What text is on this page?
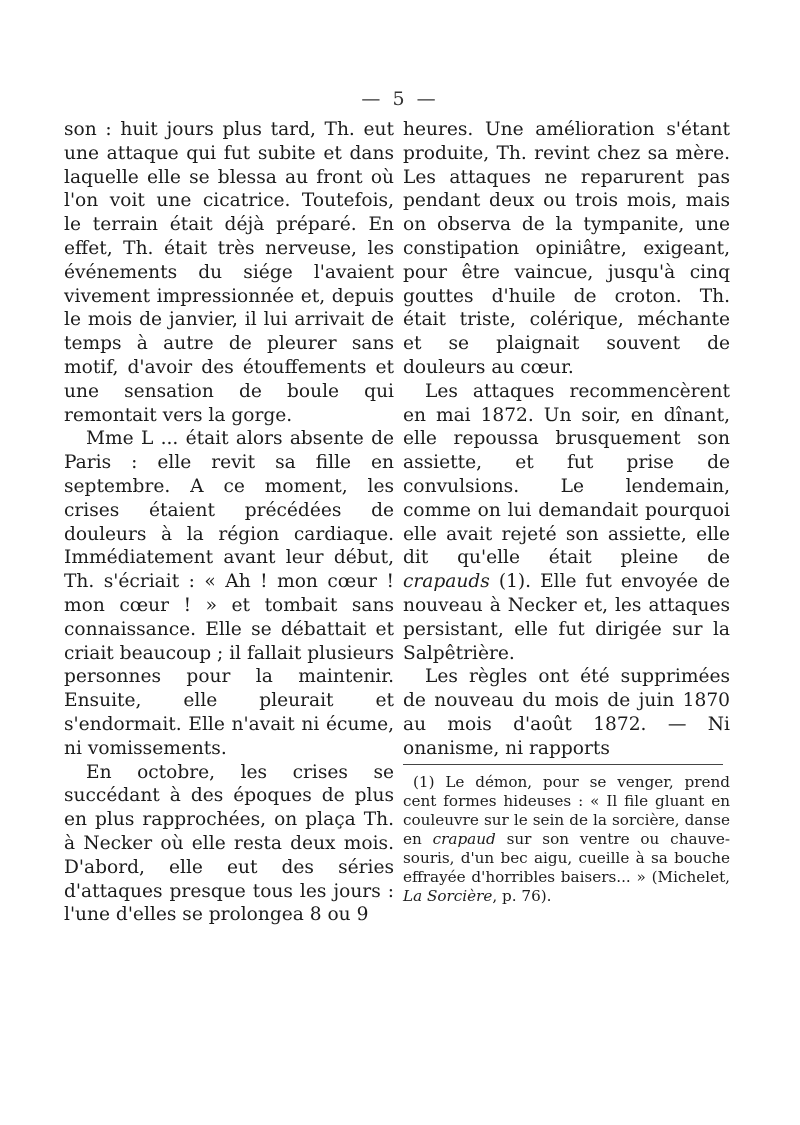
— 5 —

son : huit jours plus tard, Th. eut une attaque qui fut subite et dans laquelle elle se blessa au front où l'on voit une cicatrice. Toutefois, le terrain était déjà préparé. En effet, Th. était très nerveuse, les événements du siége l'avaient vivement impressionnée et, depuis le mois de janvier, il lui arrivait de temps à autre de pleurer sans motif, d'avoir des étouffements et une sensation de boule qui remontait vers la gorge.

Mme L ... était alors absente de Paris : elle revit sa fille en septembre. A ce moment, les crises étaient précédées de douleurs à la région cardiaque. Immédiatement avant leur début, Th. s'écriait : « Ah ! mon cœur ! mon cœur ! » et tombait sans connaissance. Elle se débattait et criait beaucoup ; il fallait plusieurs personnes pour la maintenir. Ensuite, elle pleurait et s'endormait. Elle n'avait ni écume, ni vomissements.

En octobre, les crises se succédant à des époques de plus en plus rapprochées, on plaça Th. à Necker où elle resta deux mois. D'abord, elle eut des séries d'attaques presque tous les jours : l'une d'elles se prolongea 8 ou 9

heures. Une amélioration s'étant produite, Th. revint chez sa mère. Les attaques ne reparurent pas pendant deux ou trois mois, mais on observa de la tympanite, une constipation opiniâtre, exigeant, pour être vaincue, jusqu'à cinq gouttes d'huile de croton. Th. était triste, colérique, méchante et se plaignait souvent de douleurs au cœur.

Les attaques recommencèrent en mai 1872. Un soir, en dînant, elle repoussa brusquement son assiette, et fut prise de convulsions. Le lendemain, comme on lui demandait pourquoi elle avait rejeté son assiette, elle dit qu'elle était pleine de crapauds (1). Elle fut envoyée de nouveau à Necker et, les attaques persistant, elle fut dirigée sur la Salpêtrière.

Les règles ont été supprimées de nouveau du mois de juin 1870 au mois d'août 1872. — Ni onanisme, ni rapports

(1) Le démon, pour se venger, prend cent formes hideuses : « Il file gluant en couleuvre sur le sein de la sorcière, danse en crapaud sur son ventre ou chauve-souris, d'un bec aigu, cueille à sa bouche effrayée d'horribles baisers... » (Michelet, La Sorcière, p. 76).
